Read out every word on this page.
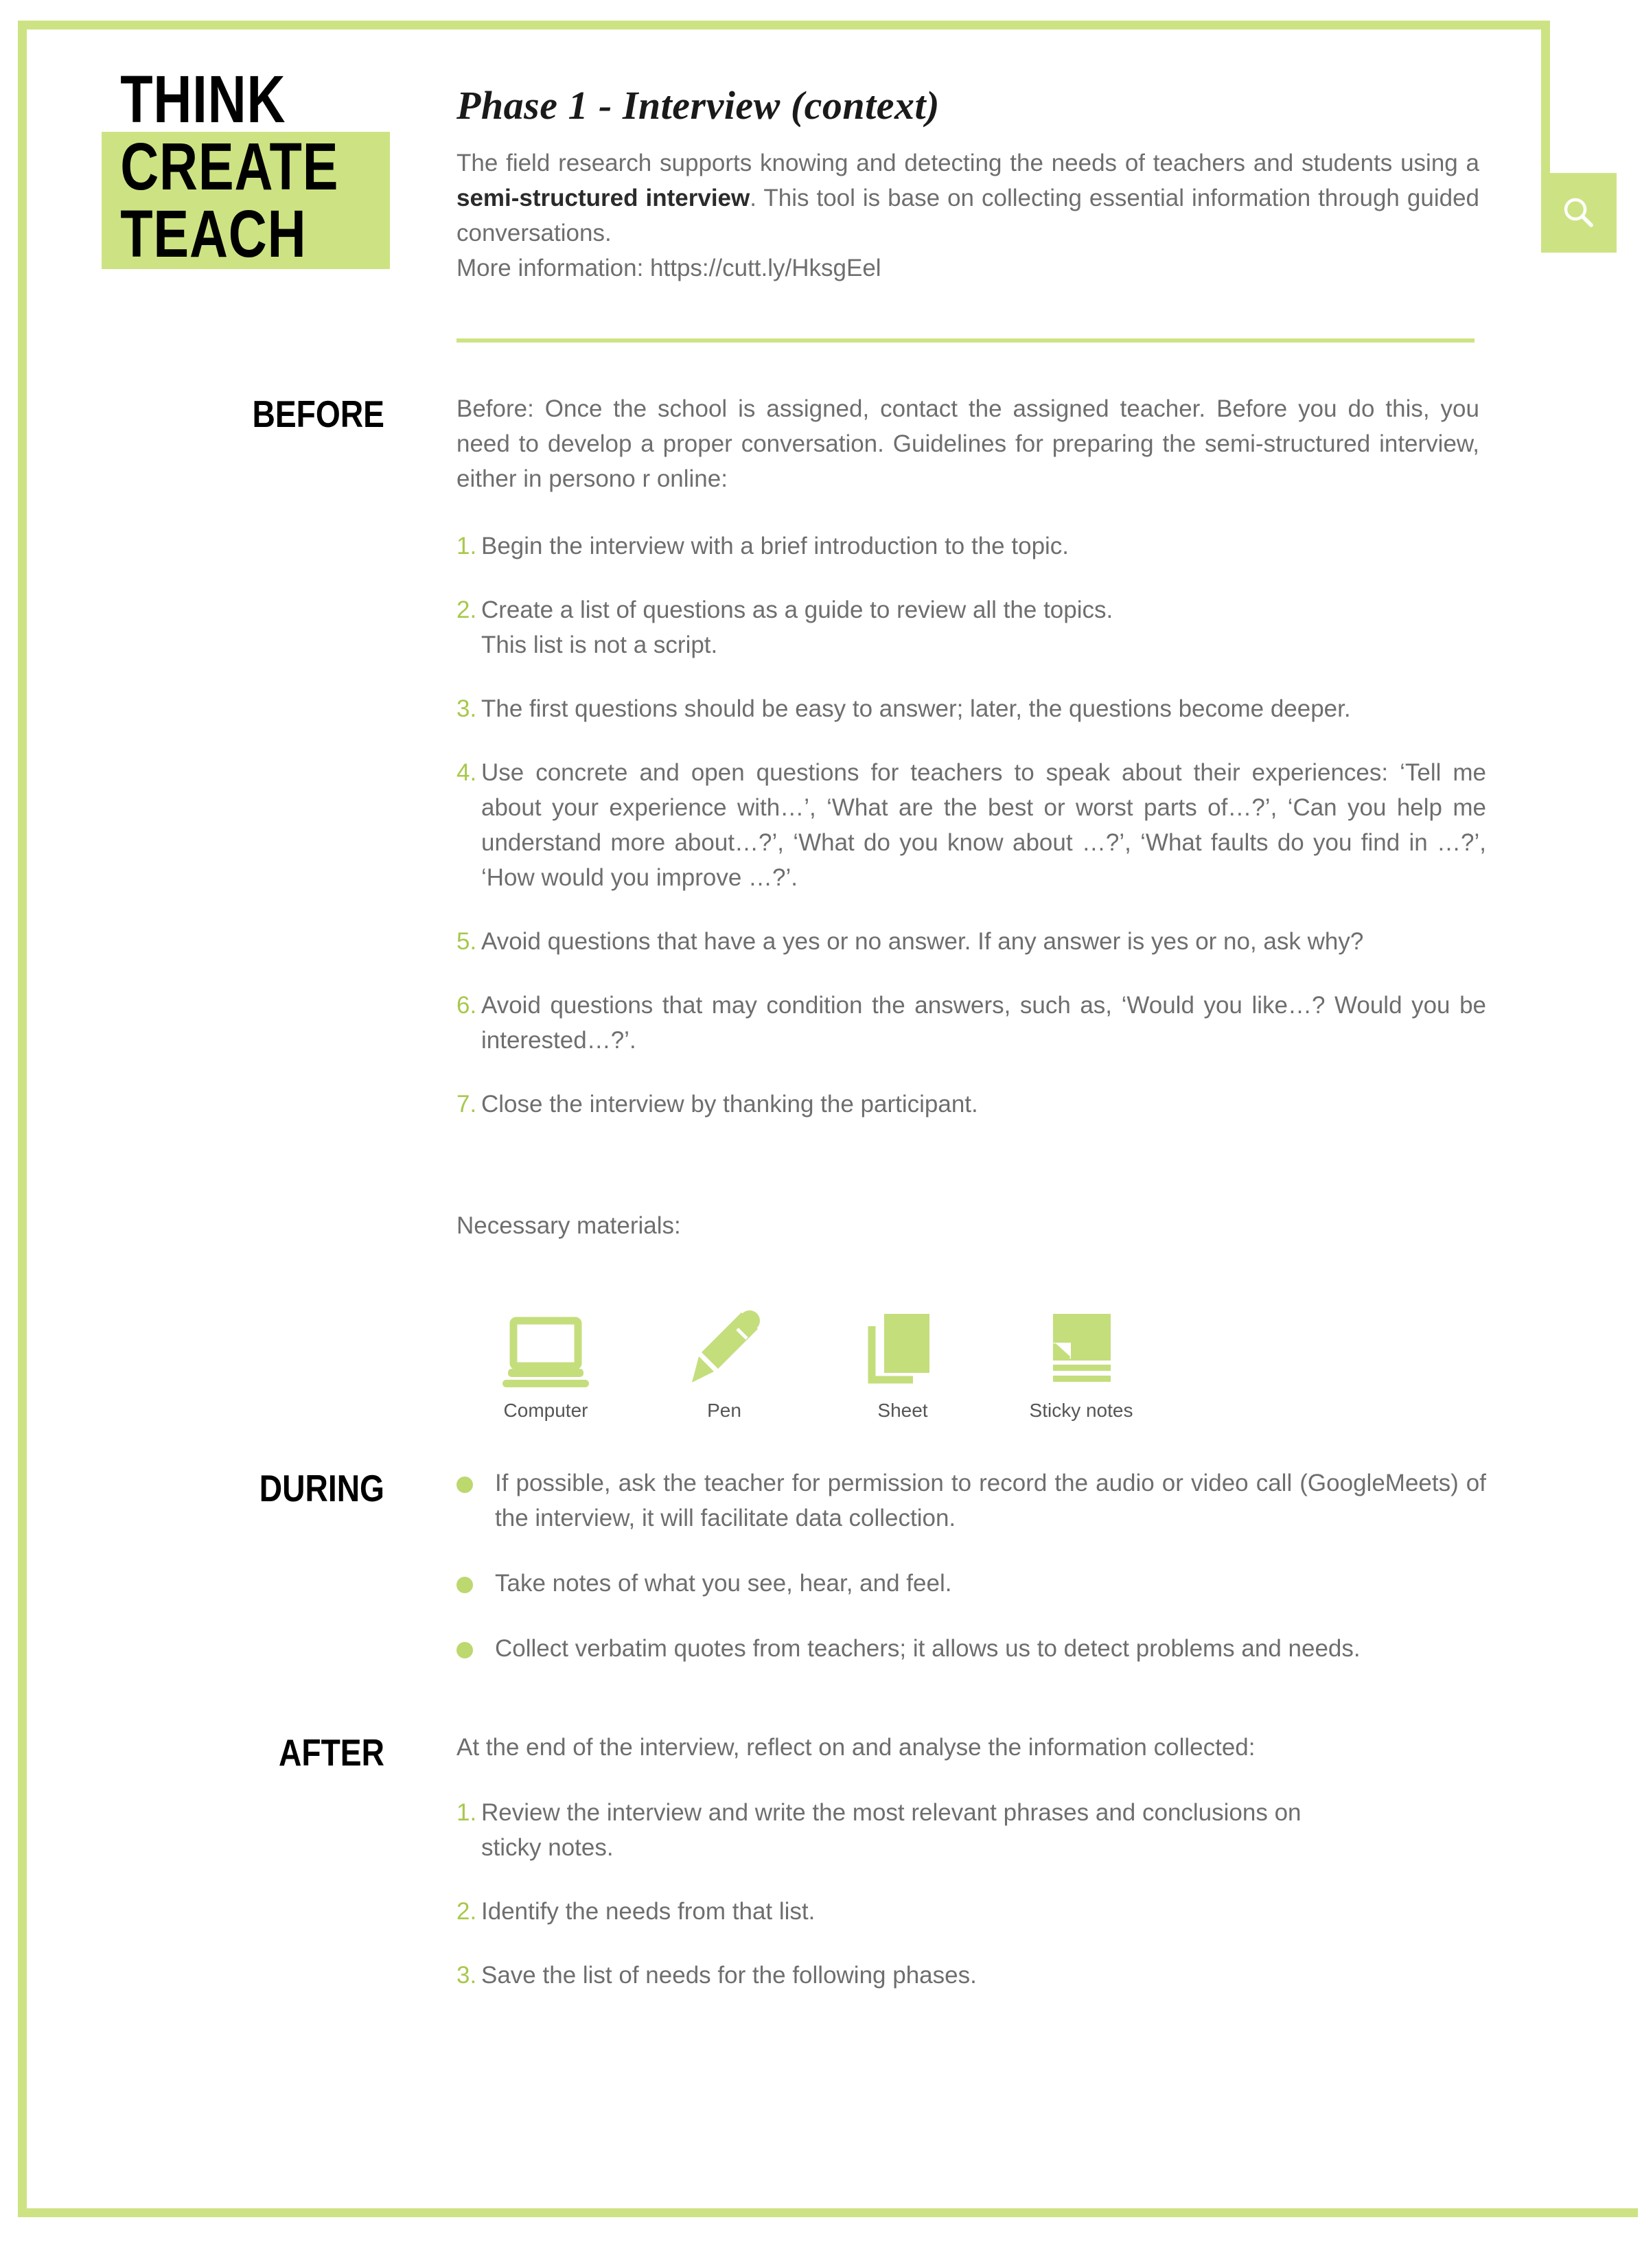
THINK
CREATE
TEACH
Phase 1 - Interview (context)
The field research supports knowing and detecting the needs of teachers and students using a semi-structured interview. This tool is base on collecting essential information through guided conversations.
More information: https://cutt.ly/HksgEel
BEFORE	Before: Once the school is assigned, contact the assigned teacher. Before you do this, you need to develop a proper conversation. Guidelines for preparing the semi-structured interview, either in persono r online:
1. Begin the interview with a brief introduction to the topic.
2. Create a list of questions as a guide to review all the topics.
This list is not a script.
3. The first questions should be easy to answer; later, the questions become deeper.
4. Use concrete and open questions for teachers to speak about their experiences: ‘Tell me about your experience with…’, ‘What are the best or worst parts of…?’, ‘Can you help me understand more about…?’, ‘What do you know about …?’, ‘What faults do you find in …?’, ‘How would you improve …?’.
5. Avoid questions that have a yes or no answer. If any answer is yes or no, ask why?
6. Avoid questions that may condition the answers, such as, ‘Would you like…? Would you be interested…?’.
7. Close the interview by thanking the participant.
Necessary materials:
Computer	Pen	Sheet	Sticky notes
DURING	If possible, ask the teacher for permission to record the audio or video call (GoogleMeets) of the interview, it will facilitate data collection.
Take notes of what you see, hear, and feel.
Collect verbatim quotes from teachers; it allows us to detect problems and needs.
AFTER	At the end of the interview, reflect on and analyse the information collected:
1. Review the interview and write the most relevant phrases and conclusions on
sticky notes.
2. Identify the needs from that list.
3. Save the list of needs for the following phases.
